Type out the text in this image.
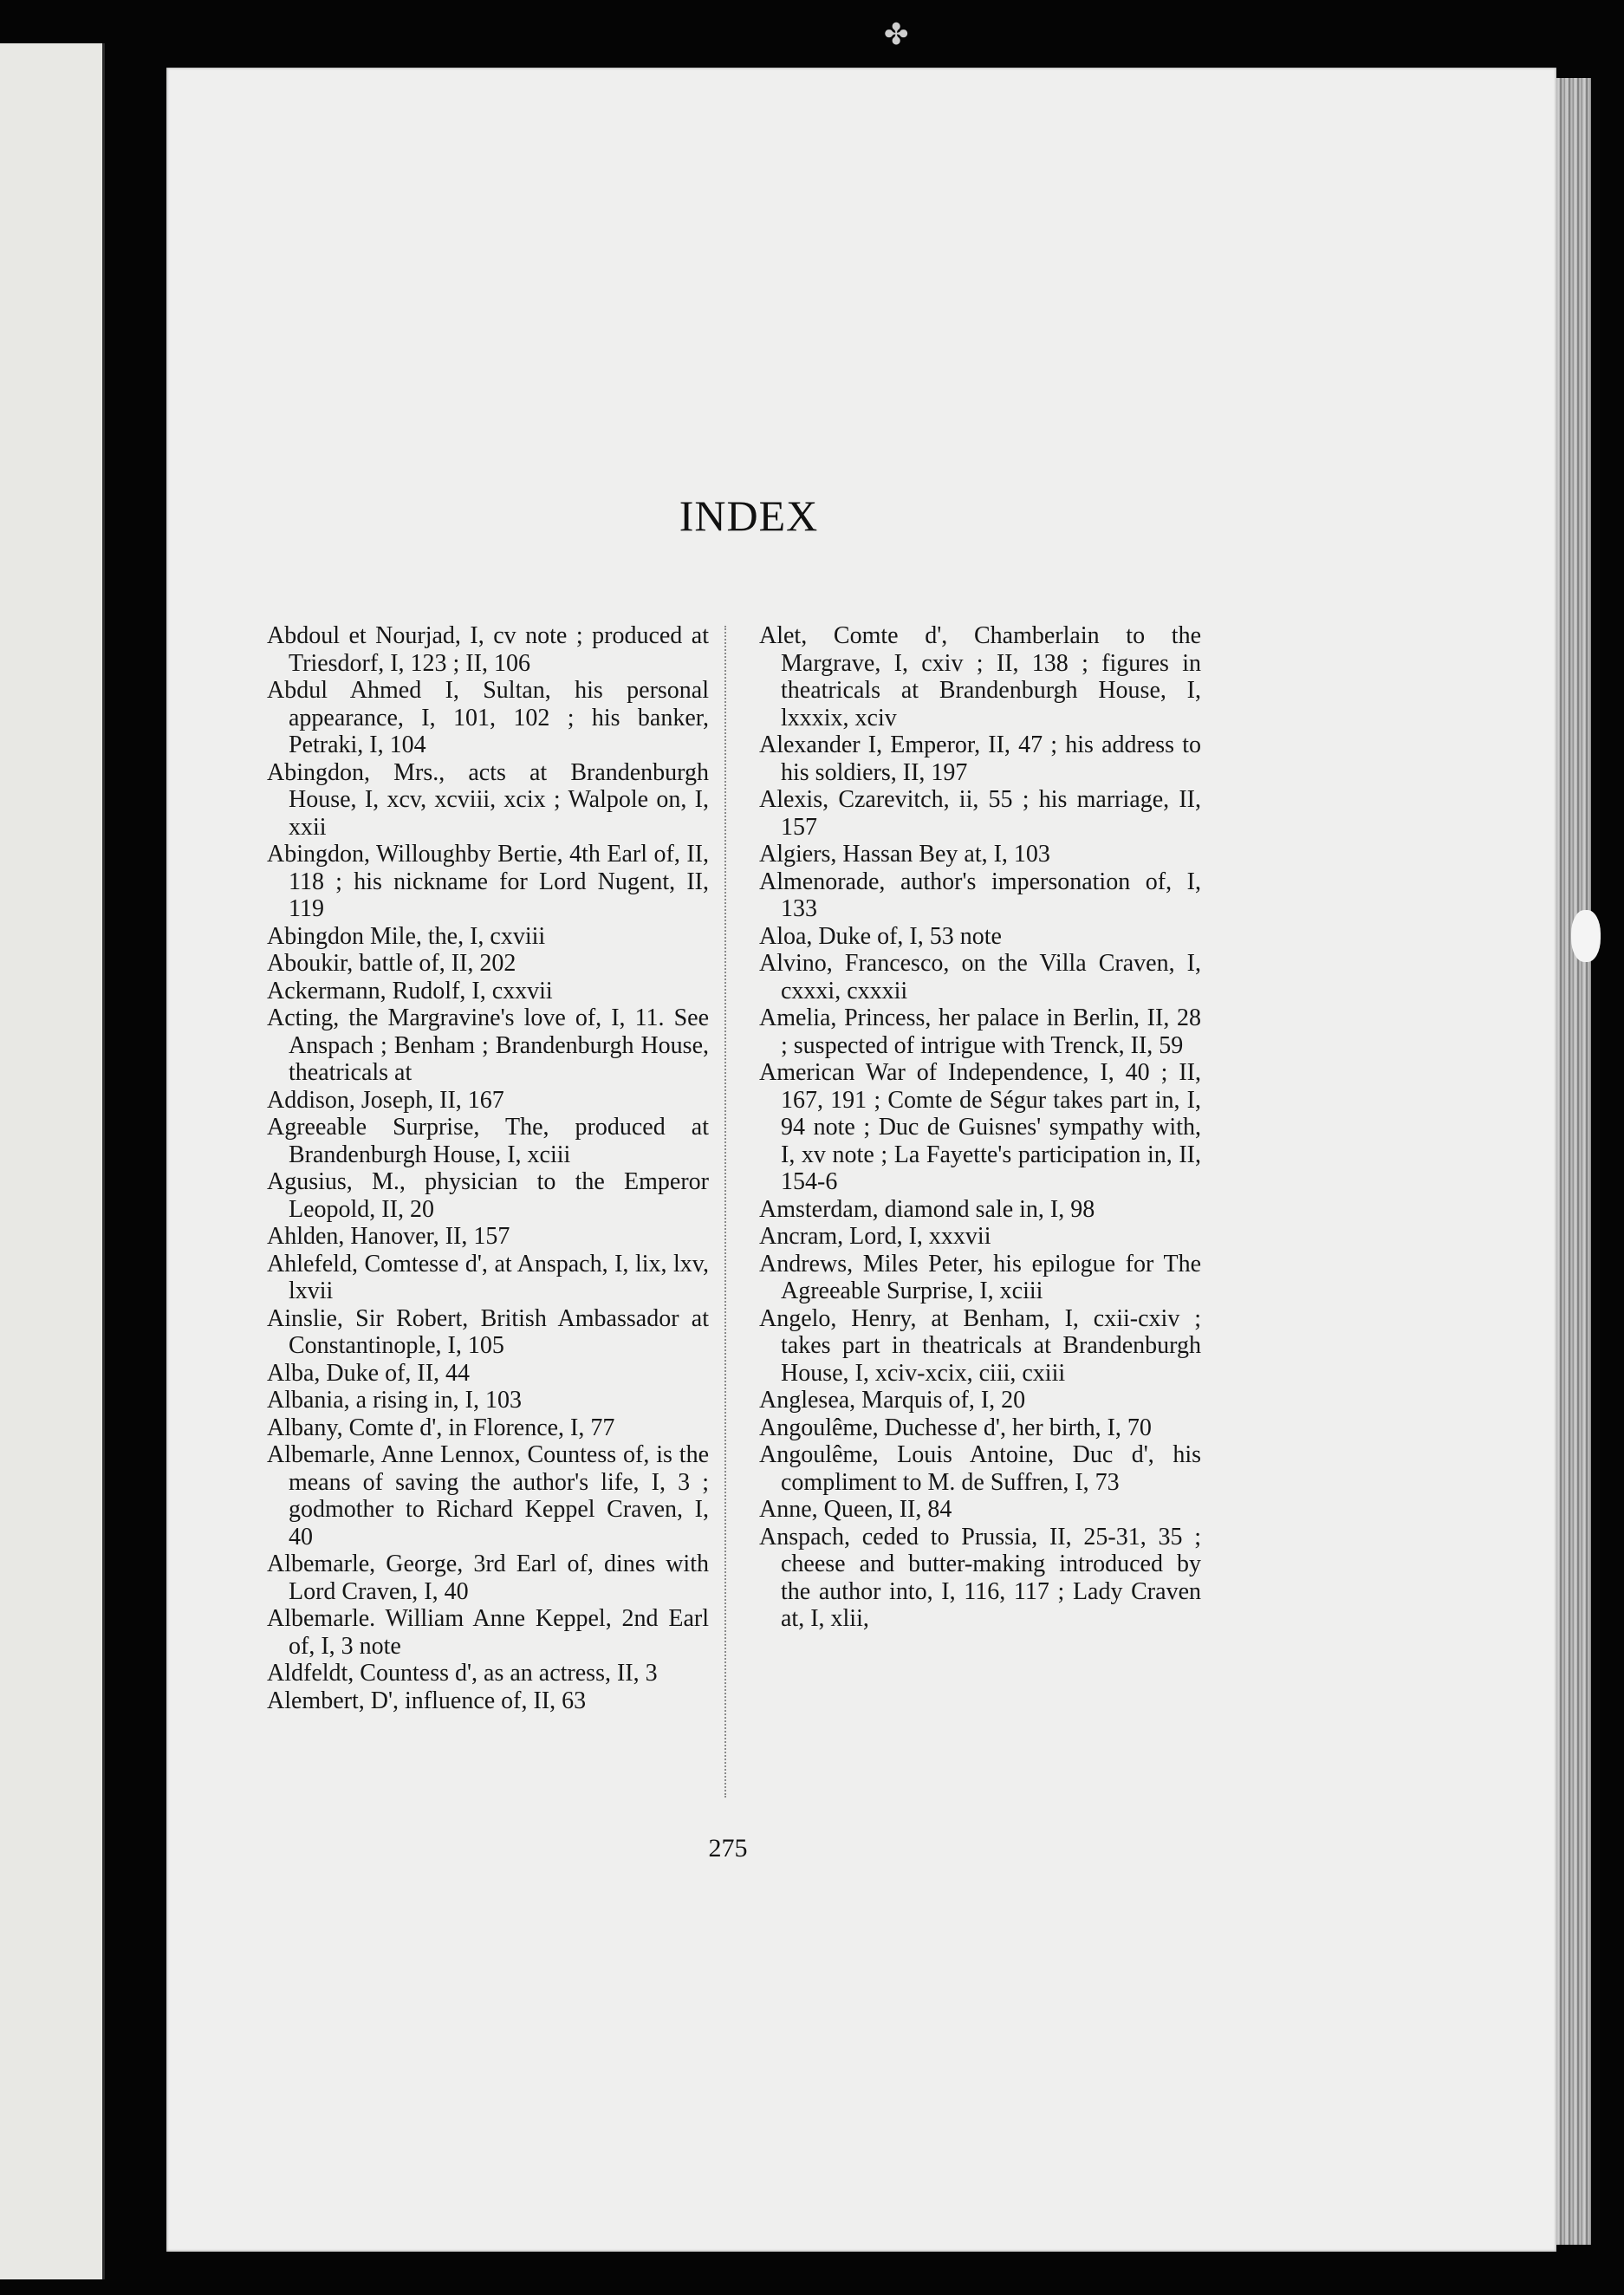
✤
INDEX
Abdoul et Nourjad, I, cv note ; produced at Triesdorf, I, 123 ; II, 106
Abdul Ahmed I, Sultan, his personal appearance, I, 101, 102 ; his banker, Petraki, I, 104
Abingdon, Mrs., acts at Brandenburgh House, I, xcv, xcviii, xcix ; Walpole on, I, xxii
Abingdon, Willoughby Bertie, 4th Earl of, II, 118 ; his nickname for Lord Nugent, II, 119
Abingdon Mile, the, I, cxviii
Aboukir, battle of, II, 202
Ackermann, Rudolf, I, cxxvii
Acting, the Margravine's love of, I, 11. See Anspach ; Benham ; Brandenburgh House, theatricals at
Addison, Joseph, II, 167
Agreeable Surprise, The, produced at Brandenburgh House, I, xciii
Agusius, M., physician to the Emperor Leopold, II, 20
Ahlden, Hanover, II, 157
Ahlefeld, Comtesse d', at Anspach, I, lix, lxv, lxvii
Ainslie, Sir Robert, British Ambassador at Constantinople, I, 105
Alba, Duke of, II, 44
Albania, a rising in, I, 103
Albany, Comte d', in Florence, I, 77
Albemarle, Anne Lennox, Countess of, is the means of saving the author's life, I, 3 ; godmother to Richard Keppel Craven, I, 40
Albemarle, George, 3rd Earl of, dines with Lord Craven, I, 40
Albemarle. William Anne Keppel, 2nd Earl of, I, 3 note
Aldfeldt, Countess d', as an actress, II, 3
Alembert, D', influence of, II, 63
Alet, Comte d', Chamberlain to the Margrave, I, cxiv ; II, 138 ; figures in theatricals at Brandenburgh House, I, lxxxix, xciv
Alexander I, Emperor, II, 47 ; his address to his soldiers, II, 197
Alexis, Czarevitch, ii, 55 ; his marriage, II, 157
Algiers, Hassan Bey at, I, 103
Almenorade, author's impersonation of, I, 133
Aloa, Duke of, I, 53 note
Alvino, Francesco, on the Villa Craven, I, cxxxi, cxxxii
Amelia, Princess, her palace in Berlin, II, 28 ; suspected of intrigue with Trenck, II, 59
American War of Independence, I, 40 ; II, 167, 191 ; Comte de Ségur takes part in, I, 94 note ; Duc de Guisnes' sympathy with, I, xv note ; La Fayette's participation in, II, 154-6
Amsterdam, diamond sale in, I, 98
Ancram, Lord, I, xxxvii
Andrews, Miles Peter, his epilogue for The Agreeable Surprise, I, xciii
Angelo, Henry, at Benham, I, cxii-cxiv ; takes part in theatricals at Brandenburgh House, I, xciv-xcix, ciii, cxiii
Anglesea, Marquis of, I, 20
Angoulême, Duchesse d', her birth, I, 70
Angoulême, Louis Antoine, Duc d', his compliment to M. de Suffren, I, 73
Anne, Queen, II, 84
Anspach, ceded to Prussia, II, 25-31, 35 ; cheese and butter-making introduced by the author into, I, 116, 117 ; Lady Craven at, I, xlii,
275
